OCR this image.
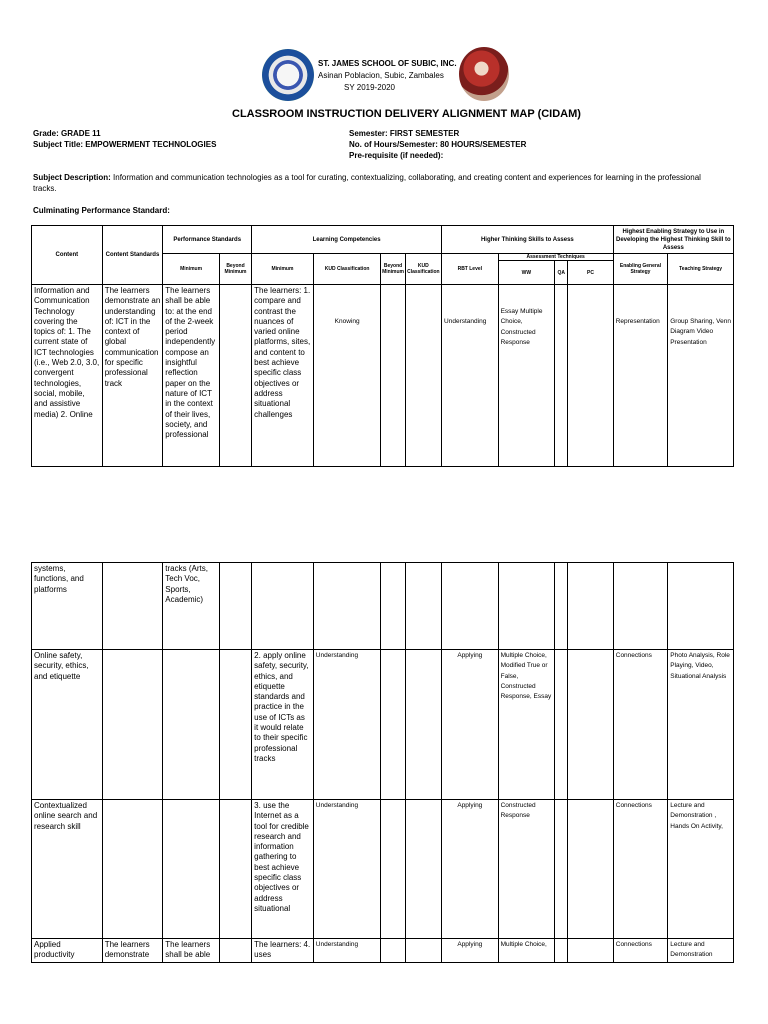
ST. JAMES SCHOOL OF SUBIC, INC.
Asinan Poblacion, Subic, Zambales
SY 2019-2020
CLASSROOM INSTRUCTION DELIVERY ALIGNMENT MAP (CIDAM)
Grade: GRADE 11
Subject Title: EMPOWERMENT TECHNOLOGIES
Semester: FIRST SEMESTER
No. of Hours/Semester: 80 HOURS/SEMESTER
Pre-requisite (if needed):
Subject Description: Information and communication technologies as a tool for curating, contextualizing, collaborating, and creating content and experiences for learning in the professional tracks.
Culminating Performance Standard:
Content	Content Standards	Performance Standards		Learning Competencies				Higher Thinking Skills to Assess				Highest Enabling Strategy to Use in Developing the Highest Thinking Skill to Assess	
		Minimum	Beyond Minimum	Minimum	KUD Classification	Beyond Minimum	KUD Classification	RBT Level	Assessment Techniques			Enabling General Strategy	Teaching Strategy
									WW	QA	PC		
Information and Communication Technology covering the topics of: 1. The current state of ICT technologies (i.e., Web 2.0, 3.0, convergent technologies, social, mobile, and assistive media) 2. Online	The learners demonstrate an understanding of: ICT in the context of global communication for specific professional track	The learners shall be able to: at the end of the 2-week period independently compose an insightful reflection paper on the nature of ICT in the context of their lives, society, and professional		The learners: 1. compare and contrast the nuances of varied online platforms, sites, and content to best achieve specific class objectives or address situational challenges	Knowing			Understanding	Essay Multiple Choice, Constructed Response			Representation	Group Sharing, Venn Diagram Video Presentation
systems, functions, and platforms		tracks (Arts, Tech Voc, Sports, Academic)											
Online safety, security, ethics, and etiquette				2. apply online safety, security, ethics, and etiquette standards and practice in the use of ICTs as it would relate to their specific professional tracks	Understanding			Applying	Multiple Choice, Modified True or False, Constructed Response, Essay			Connections	Photo Analysis, Role Playing, Video, Situational Analysis
Contextualized online search and research skill				3. use the Internet as a tool for credible research and information gathering to best achieve specific class objectives or address situational	Understanding			Applying	Constructed Response			Connections	Lecture and Demonstration , Hands On Activity,
Applied productivity	The learners demonstrate	The learners shall be able		The learners: 4. uses	Understanding			Applying	Multiple Choice,			Connections	Lecture and Demonstration
